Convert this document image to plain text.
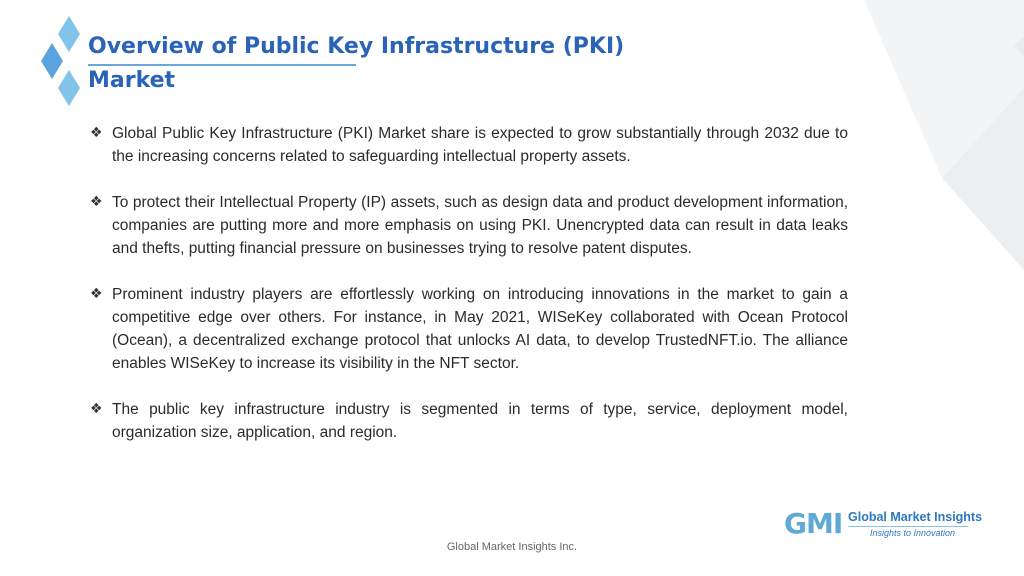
Overview of Public Key Infrastructure (PKI) Market
❖ Global Public Key Infrastructure (PKI) Market share is expected to grow substantially through 2032 due to the increasing concerns related to safeguarding intellectual property assets.
❖ To protect their Intellectual Property (IP) assets, such as design data and product development information, companies are putting more and more emphasis on using PKI. Unencrypted data can result in data leaks and thefts, putting financial pressure on businesses trying to resolve patent disputes.
❖ Prominent industry players are effortlessly working on introducing innovations in the market to gain a competitive edge over others. For instance, in May 2021, WISeKey collaborated with Ocean Protocol (Ocean), a decentralized exchange protocol that unlocks AI data, to develop TrustedNFT.io. The alliance enables WISeKey to increase its visibility in the NFT sector.
❖ The public key infrastructure industry is segmented in terms of type, service, deployment model, organization size, application, and region.
Global Market Insights Inc.
GMI Global Market Insights
Insights to Innovation
